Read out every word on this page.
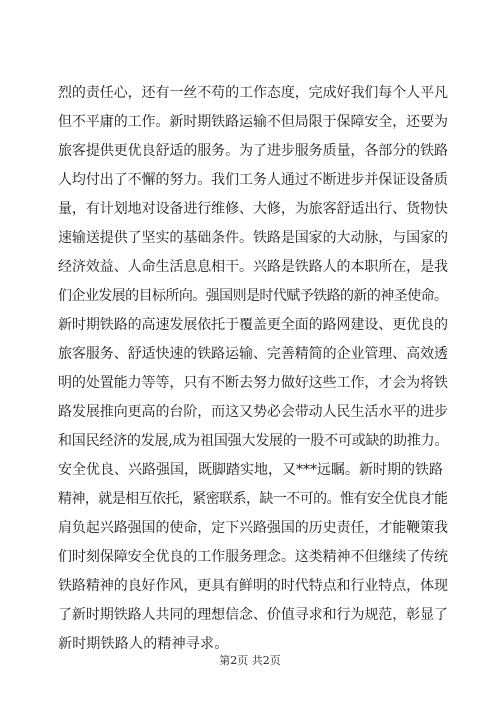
烈的责任心，还有一丝不苟的工作态度，完成好我们每个人平凡
但不平庸的工作。新时期铁路运输不但局限于保障安全，还要为
旅客提供更优良舒适的服务。为了进步服务质量，各部分的铁路
人均付出了不懈的努力。我们工务人通过不断进步并保证设备质
量，有计划地对设备进行维修、大修，为旅客舒适出行、货物快
速输送提供了坚实的基础条件。铁路是国家的大动脉，与国家的
经济效益、人命生活息息相干。兴路是铁路人的本职所在，是我
们企业发展的目标所向。强国则是时代赋予铁路的新的神圣使命。
新时期铁路的高速发展依托于覆盖更全面的路网建设、更优良的
旅客服务、舒适快速的铁路运输、完善精简的企业管理、高效透
明的处置能力等等，只有不断去努力做好这些工作，才会为将铁
路发展推向更高的台阶，而这又势必会带动人民生活水平的进步
和国民经济的发展,成为祖国强大发展的一股不可或缺的助推力。
安全优良、兴路强国，既脚踏实地，又***远瞩。新时期的铁路
精神，就是相互依托，紧密联系，缺一不可的。惟有安全优良才能
肩负起兴路强国的使命，定下兴路强国的历史责任，才能鞭策我
们时刻保障安全优良的工作服务理念。这类精神不但继续了传统
铁路精神的良好作风，更具有鲜明的时代特点和行业特点，体现
了新时期铁路人共同的理想信念、价值寻求和行为规范，彰显了
新时期铁路人的精神寻求。
第2页 共2页
